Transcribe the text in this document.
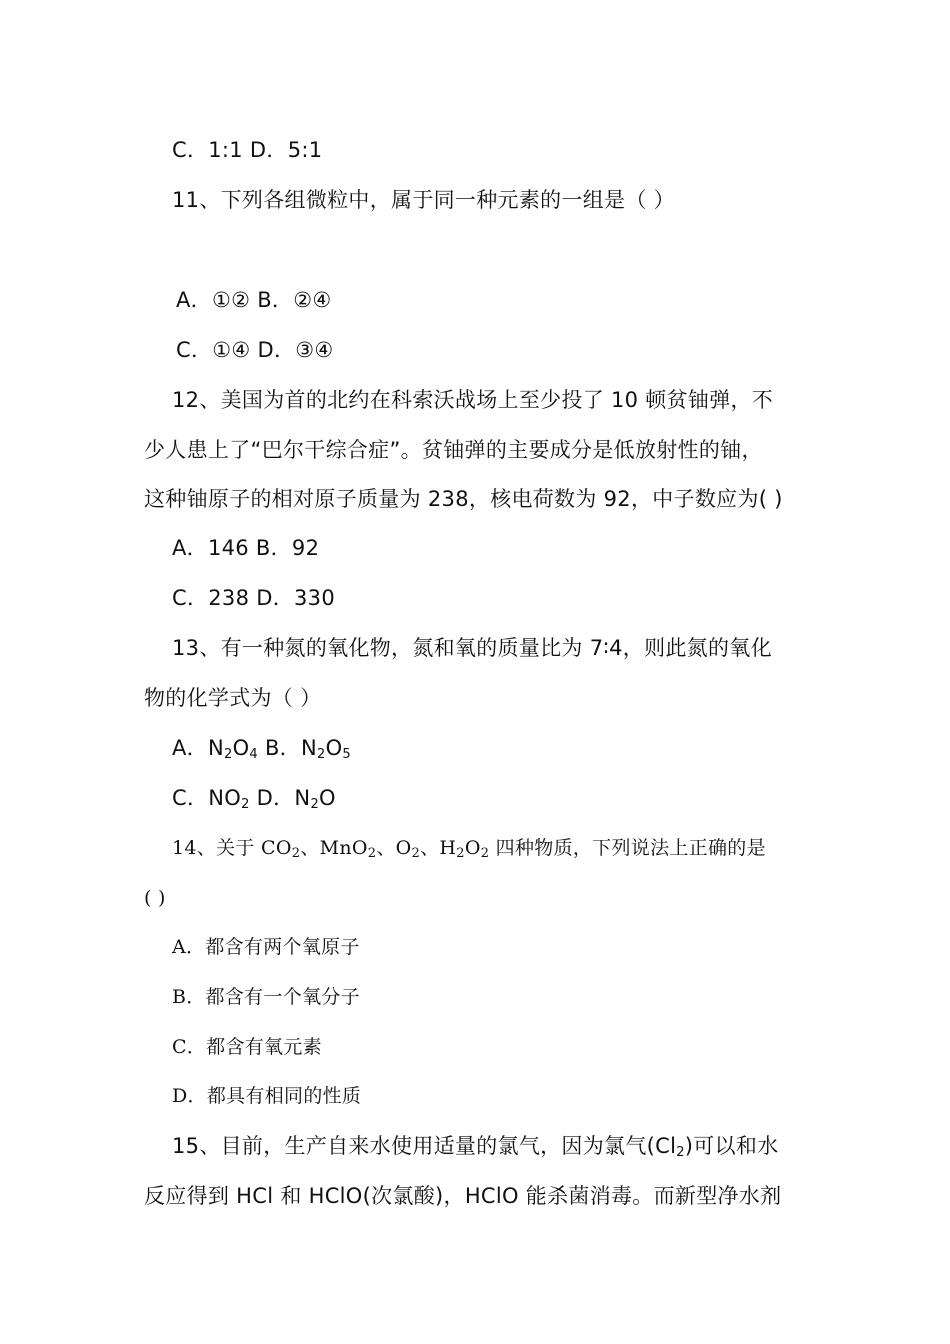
C．1:1 D．5:1
11、下列各组微粒中，属于同一种元素的一组是（ ）
A．①② B．②④
C．①④ D．③④
12、美国为首的北约在科索沃战场上至少投了 10 顿贫铀弹，不
少人患上了“巴尔干综合症”。贫铀弹的主要成分是低放射性的铀，
这种铀原子的相对原子质量为 238，核电荷数为 92，中子数应为( )
A．146 B．92
C．238 D．330
13、有一种氮的氧化物，氮和氧的质量比为 7∶4，则此氮的氧化
物的化学式为（ ）
A．$N_2O_4$ B．$N_2O_5$
C．$NO_2$ D．$N_2O$
14、关于 $CO_2$、MnO$_2$、$O_2$、$H_2O_2$ 四种物质，下列说法上正确的是
( )
A．都含有两个氧原子
B．都含有一个氧分子
C．都含有氧元素
D．都具有相同的性质
15、目前，生产自来水使用适量的氯气，因为氯气$(Cl_2)$可以和水
反应得到 HCl 和 HClO(次氯酸)，HClO 能杀菌消毒。而新型净水剂
